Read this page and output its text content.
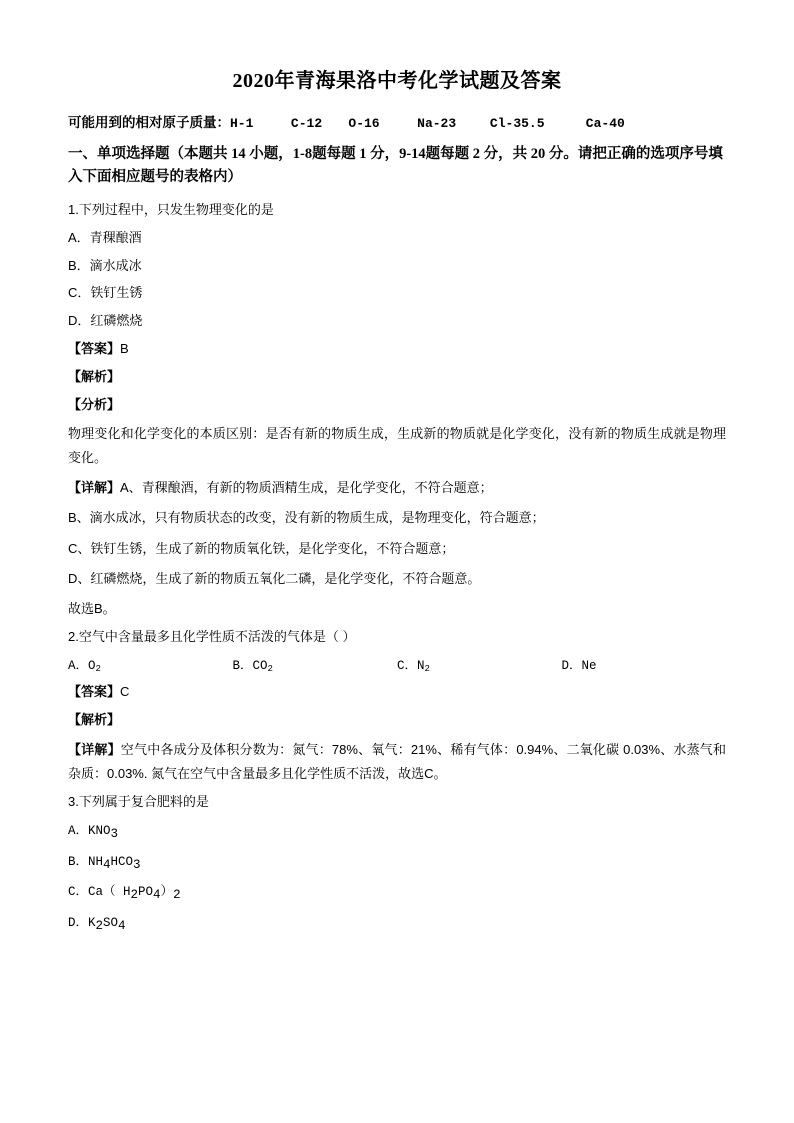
2020年青海果洛中考化学试题及答案
可能用到的相对原子质量：H-1	C-12 O-16	Na-23	Cl-35.5	Ca-40
一、单项选择题（本题共 14 小题，1-8题每题 1 分，9-14题每题 2 分，共 20 分。请把正确的选项序号填入下面相应题号的表格内）
1.下列过程中，只发生物理变化的是
A．青稞酿酒
B．滴水成冰
C．铁钉生锈
D．红磷燃烧
【答案】B
【解析】
【分析】
物理变化和化学变化的本质区别：是否有新的物质生成，生成新的物质就是化学变化，没有新的物质生成就是物理变化。
【详解】A、青稞酿酒，有新的物质酒精生成，是化学变化，不符合题意；
B、滴水成冰，只有物质状态的改变，没有新的物质生成，是物理变化，符合题意；
C、铁钉生锈，生成了新的物质氧化铁，是化学变化，不符合题意；
D、红磷燃烧，生成了新的物质五氧化二磷，是化学变化，不符合题意。
故选B。
2.空气中含量最多且化学性质不活泼的气体是（ ）
A．$O_2$	B．$CO_2$	C．$N_2$	D．Ne
【答案】C
【解析】
【详解】空气中各成分及体积分数为：氮气：78%、氧气：21%、稀有气体：0.94%、二氧化碳 0.03%、水蒸气和杂质：0.03%. 氮气在空气中含量最多且化学性质不活泼，故选C。
3.下列属于复合肥料的是
A．$KNO_3$
B．$NH_4HCO_3$
C．Ca（ $H_2PO_4)_2$
D．$K_2SO_4$
